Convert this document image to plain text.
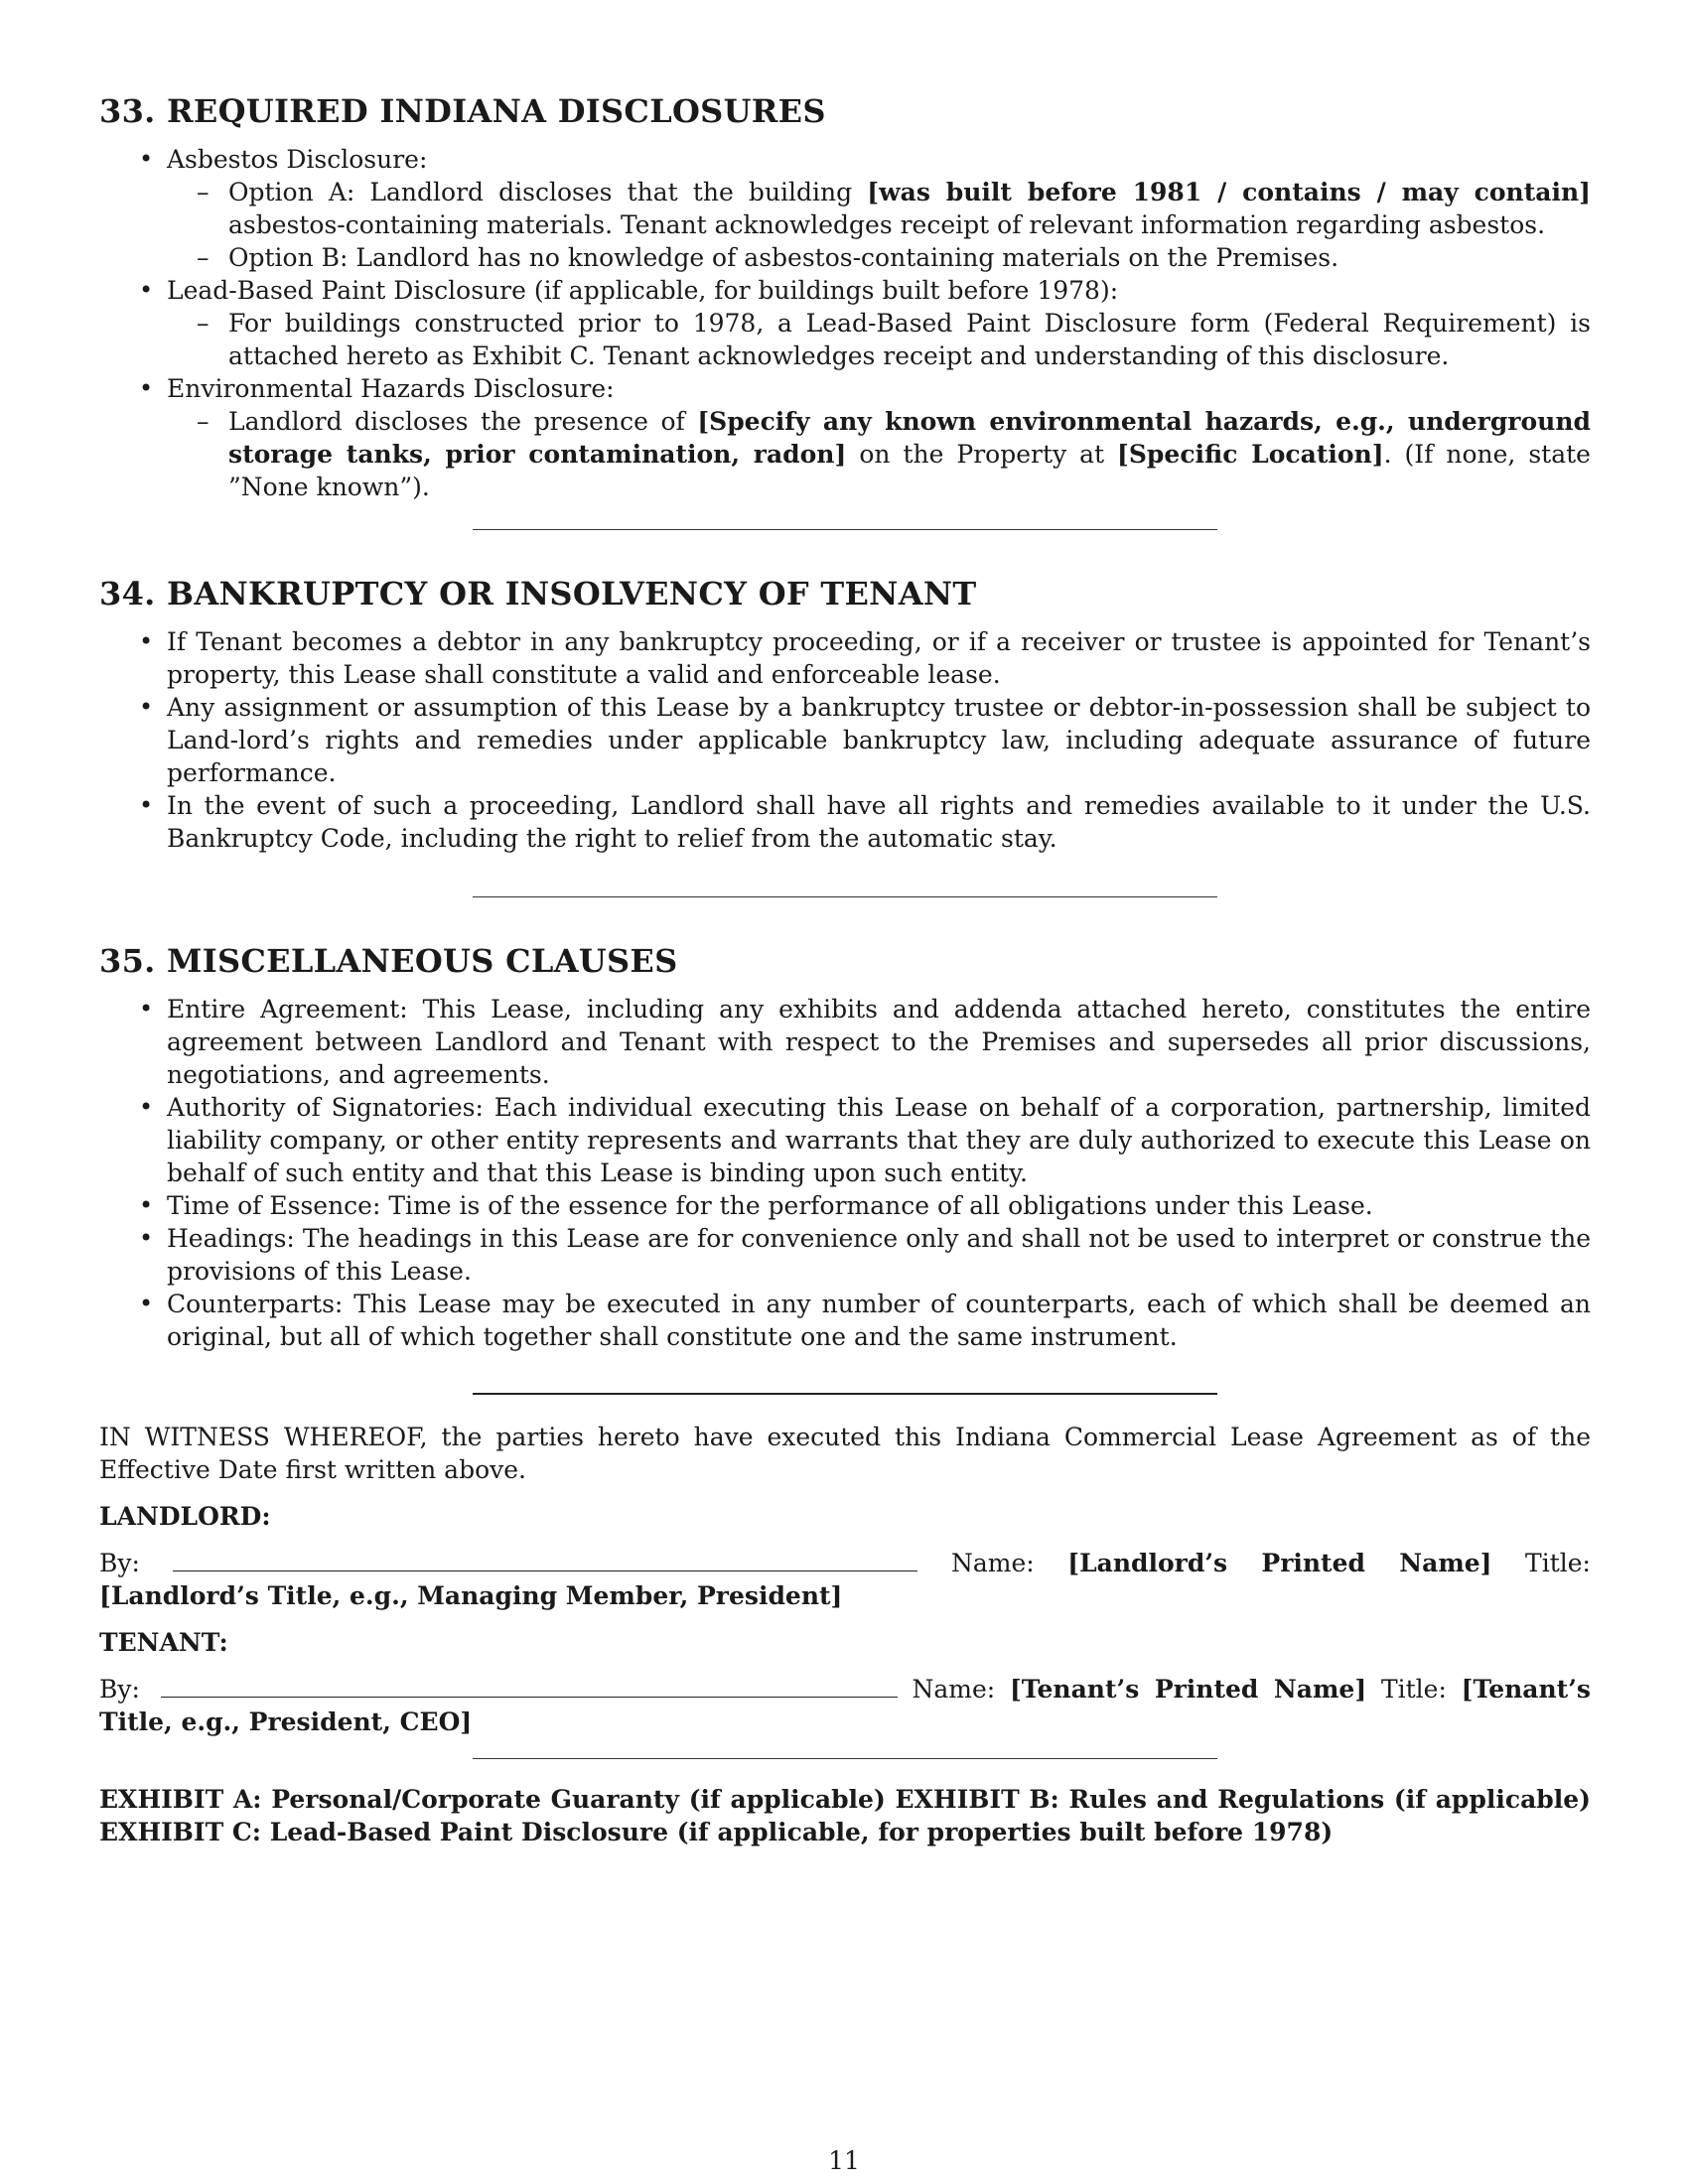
33. REQUIRED INDIANA DISCLOSURES
• Asbestos Disclosure:
– Option A: Landlord discloses that the building [was built before 1981 / contains / may contain] asbestos-containing materials. Tenant acknowledges receipt of relevant information regarding asbestos.
– Option B: Landlord has no knowledge of asbestos-containing materials on the Premises.
• Lead-Based Paint Disclosure (if applicable, for buildings built before 1978):
– For buildings constructed prior to 1978, a Lead-Based Paint Disclosure form (Federal Requirement) is attached hereto as Exhibit C. Tenant acknowledges receipt and understanding of this disclosure.
• Environmental Hazards Disclosure:
– Landlord discloses the presence of [Specify any known environmental hazards, e.g., underground storage tanks, prior contamination, radon] on the Property at [Specific Location]. (If none, state ”None known”).
34. BANKRUPTCY OR INSOLVENCY OF TENANT
• If Tenant becomes a debtor in any bankruptcy proceeding, or if a receiver or trustee is appointed for Tenant’s property, this Lease shall constitute a valid and enforceable lease.
• Any assignment or assumption of this Lease by a bankruptcy trustee or debtor-in-possession shall be subject to Land-lord’s rights and remedies under applicable bankruptcy law, including adequate assurance of future performance.
• In the event of such a proceeding, Landlord shall have all rights and remedies available to it under the U.S. Bankruptcy Code, including the right to relief from the automatic stay.
35. MISCELLANEOUS CLAUSES
• Entire Agreement: This Lease, including any exhibits and addenda attached hereto, constitutes the entire agreement between Landlord and Tenant with respect to the Premises and supersedes all prior discussions, negotiations, and agreements.
• Authority of Signatories: Each individual executing this Lease on behalf of a corporation, partnership, limited liability company, or other entity represents and warrants that they are duly authorized to execute this Lease on behalf of such entity and that this Lease is binding upon such entity.
• Time of Essence: Time is of the essence for the performance of all obligations under this Lease.
• Headings: The headings in this Lease are for convenience only and shall not be used to interpret or construe the provisions of this Lease.
• Counterparts: This Lease may be executed in any number of counterparts, each of which shall be deemed an original, but all of which together shall constitute one and the same instrument.

IN WITNESS WHEREOF, the parties hereto have executed this Indiana Commercial Lease Agreement as of the Effective Date first written above.

LANDLORD:

By:	Name: [Landlord’s Printed Name] Title: [Landlord’s Title, e.g., Managing Member, President]

TENANT:

By:	Name: [Tenant’s Printed Name] Title: [Tenant’s Title, e.g., President, CEO]

EXHIBIT A: Personal/Corporate Guaranty (if applicable) EXHIBIT B: Rules and Regulations (if applicable) EXHIBIT C: Lead-Based Paint Disclosure (if applicable, for properties built before 1978)

11
